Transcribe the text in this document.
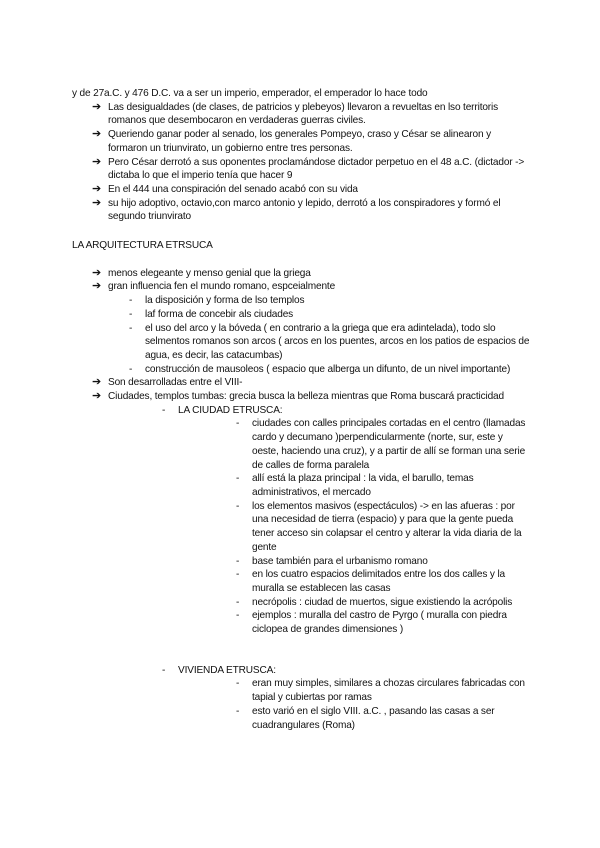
y de 27a.C. y 476 D.C. va a ser un imperio, emperador, el emperador lo hace todo

➔ Las desigualdades (de clases, de patricios y plebeyos) llevaron a revueltas en lso territoris romanos que desembocaron en verdaderas guerras civiles.
➔ Queriendo ganar poder al senado, los generales Pompeyo, craso y César se alinearon y formaron un triunvirato, un gobierno entre tres personas.
➔ Pero César derrotó a sus oponentes proclamándose dictador perpetuo en el 48 a.C. (dictador -> dictaba lo que el imperio tenía que hacer 9
➔ En el 444 una conspiración del senado acabó con su vida
➔ su hijo adoptivo, octavio,con marco antonio y lepido, derrotó a los conspiradores y formó el segundo triunvirato

LA ARQUITECTURA ETRSUCA

➔ menos elegeante y menso genial que la griega
➔ gran influencia fen el mundo romano, espceialmente
-	la disposición y forma de lso templos
-	laf forma de concebir als ciudades
-	el uso del arco y la bóveda ( en contrario a la griega que era adintelada), todo slo selmentos romanos son arcos ( arcos en los puentes, arcos en los patios de espacios de agua, es decir, las catacumbas)
-	construcción de mausoleos ( espacio que alberga un difunto, de un nivel importante)
➔ Son desarrolladas entre el VIII-
➔ Ciudades, templos tumbas: grecia busca la belleza mientras que Roma buscará practicidad
-	LA CIUDAD ETRUSCA:
-	ciudades con calles principales cortadas en el centro (llamadas cardo y decumano )perpendicularmente (norte, sur, este y oeste, haciendo una cruz), y a partir de allí se forman una serie de calles de forma paralela
-	allí está la plaza principal : la vida, el barullo, temas administrativos, el mercado
-	los elementos masivos (espectáculos) -> en las afueras : por una necesidad de tierra (espacio) y para que la gente pueda tener acceso sin colapsar el centro y alterar la vida diaria de la gente
-	base también para el urbanismo romano
-	en los cuatro espacios delimitados entre los dos calles y la muralla se establecen las casas
-	necrópolis : ciudad de muertos, sigue existiendo la acrópolis
-	ejemplos : muralla del castro de Pyrgo ( muralla con piedra ciclopea de grandes dimensiones )
-	VIVIENDA ETRUSCA:
-	eran muy simples, similares a chozas circulares fabricadas con tapial y cubiertas por ramas
-	esto varió en el siglo VIII. a.C. , pasando las casas a ser cuadrangulares (Roma)
